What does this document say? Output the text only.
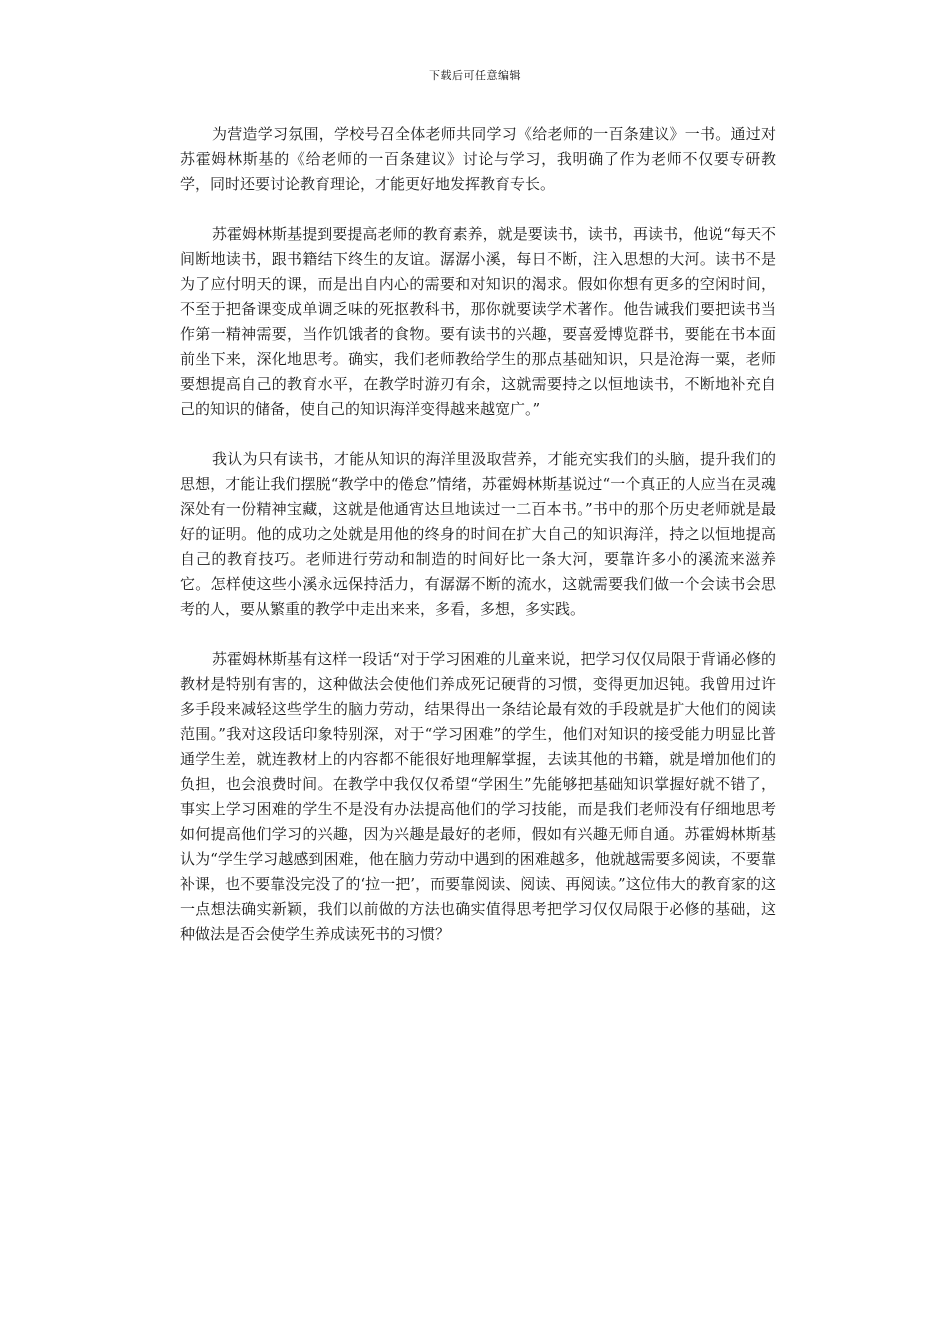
下载后可任意编辑

为营造学习氛围，学校号召全体老师共同学习《给老师的一百条建议》一书。通过对苏霍姆林斯基的《给老师的一百条建议》讨论与学习，我明确了作为老师不仅要专研教学，同时还要讨论教育理论，才能更好地发挥教育专长。

苏霍姆林斯基提到要提高老师的教育素养，就是要读书，读书，再读书，他说“每天不间断地读书，跟书籍结下终生的友谊。潺潺小溪，每日不断，注入思想的大河。读书不是为了应付明天的课，而是出自内心的需要和对知识的渴求。假如你想有更多的空闲时间，不至于把备课变成单调乏味的死抠教科书，那你就要读学术著作。他告诫我们要把读书当作第一精神需要，当作饥饿者的食物。要有读书的兴趣，要喜爱博览群书，要能在书本面前坐下来，深化地思考。确实，我们老师教给学生的那点基础知识，只是沧海一粟，老师要想提高自己的教育水平，在教学时游刃有余，这就需要持之以恒地读书，不断地补充自己的知识的储备，使自己的知识海洋变得越来越宽广。”

我认为只有读书，才能从知识的海洋里汲取营养，才能充实我们的头脑，提升我们的思想，才能让我们摆脱“教学中的倦怠”情绪，苏霍姆林斯基说过“一个真正的人应当在灵魂深处有一份精神宝藏，这就是他通宵达旦地读过一二百本书。”书中的那个历史老师就是最好的证明。他的成功之处就是用他的终身的时间在扩大自己的知识海洋，持之以恒地提高自己的教育技巧。老师进行劳动和制造的时间好比一条大河，要靠许多小的溪流来滋养它。怎样使这些小溪永远保持活力，有潺潺不断的流水，这就需要我们做一个会读书会思考的人，要从繁重的教学中走出来来，多看，多想，多实践。

苏霍姆林斯基有这样一段话“对于学习困难的儿童来说，把学习仅仅局限于背诵必修的教材是特别有害的，这种做法会使他们养成死记硬背的习惯，变得更加迟钝。我曾用过许多手段来减轻这些学生的脑力劳动，结果得出一条结论最有效的手段就是扩大他们的阅读范围。”我对这段话印象特别深，对于“学习困难”的学生，他们对知识的接受能力明显比普通学生差，就连教材上的内容都不能很好地理解掌握，去读其他的书籍，就是增加他们的负担，也会浪费时间。在教学中我仅仅希望“学困生”先能够把基础知识掌握好就不错了，事实上学习困难的学生不是没有办法提高他们的学习技能，而是我们老师没有仔细地思考如何提高他们学习的兴趣，因为兴趣是最好的老师，假如有兴趣无师自通。苏霍姆林斯基认为“学生学习越感到困难，他在脑力劳动中遇到的困难越多，他就越需要多阅读，不要靠补课，也不要靠没完没了的‘拉一把’，而要靠阅读、阅读、再阅读。”这位伟大的教育家的这一点想法确实新颖，我们以前做的方法也确实值得思考把学习仅仅局限于必修的基础，这种做法是否会使学生养成读死书的习惯？
